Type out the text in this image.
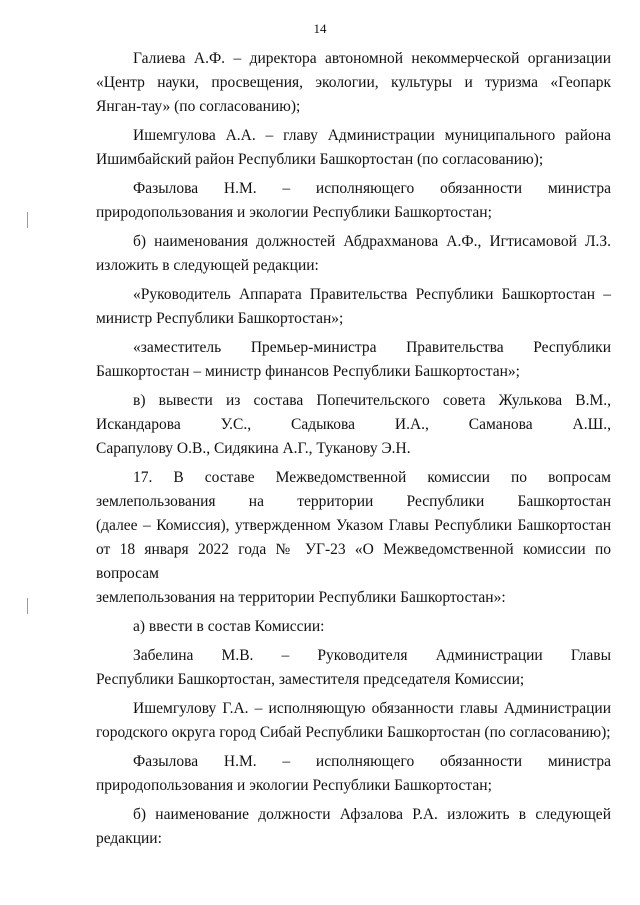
14

Галиева А.Ф. – директора автономной некоммерческой организации
«Центр науки, просвещения, экологии, культуры и туризма «Геопарк
Янган-тау» (по согласованию);

Ишемгулова А.А. – главу Администрации муниципального района
Ишимбайский район Республики Башкортостан (по согласованию);

Фазылова Н.М. – исполняющего обязанности министра
природопользования и экологии Республики Башкортостан;

б) наименования должностей Абдрахманова А.Ф., Игтисамовой Л.З.
изложить в следующей редакции:

«Руководитель Аппарата Правительства Республики Башкортостан –
министр Республики Башкортостан»;

«заместитель Премьер-министра Правительства Республики
Башкортостан – министр финансов Республики Башкортостан»;

в) вывести из состава Попечительского совета Жулькова В.М.,
Искандарова У.С., Садыкова И.А., Саманова А.Ш.,
Сарапулову О.В., Сидякина А.Г., Туканову Э.Н.

17. В составе Межведомственной комиссии по вопросам
землепользования на территории Республики Башкортостан
(далее – Комиссия), утвержденном Указом Главы Республики Башкортостан
от 18 января 2022 года № УГ-23 «О Межведомственной комиссии по вопросам
землепользования на территории Республики Башкортостан»:

а) ввести в состав Комиссии:

Забелина М.В. – Руководителя Администрации Главы
Республики Башкортостан, заместителя председателя Комиссии;

Ишемгулову Г.А. – исполняющую обязанности главы Администрации
городского округа город Сибай Республики Башкортостан (по согласованию);

Фазылова Н.М. – исполняющего обязанности министра
природопользования и экологии Республики Башкортостан;

б) наименование должности Афзалова Р.А. изложить в следующей
редакции:
